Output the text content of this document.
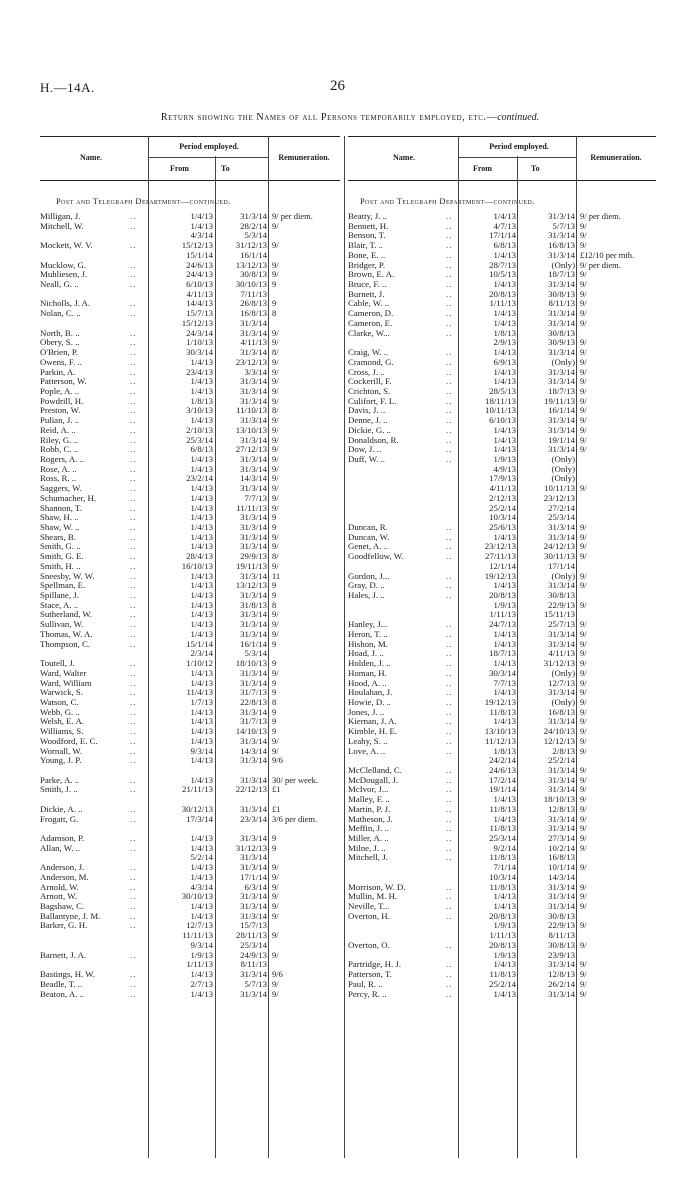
H.—14A.	26
Return showing the Names of all Persons temporarily employed, etc.—continued.
Name.
Period employed.
From	To
Remuneration.	Name.
Period employed.
From	To
Remuneration.
Post and Telegraph Department—continued.	Post and Telegraph Department—continued.
Milligan, J.	..	1/4/13	31/3/14 9/ per diem.
Mitchell, W.	..	1/4/13	28/2/14 9/
4/3/14	5/3/14
Mockett, W. V.	..	15/12/13	31/12/13 9/
15/1/14	16/1/14
Mucklow, G.	..	24/6/13	13/12/13 9/
Muhliesen, J.	..	24/4/13	30/8/13 9/
Neall, G. ..	..	6/10/13	30/10/13 9
4/11/13	7/11/13
Nicholls, J. A.	..	14/4/13	26/8/13 9
Nolan, C. ..	..	15/7/13	16/8/13 8
15/12/13	31/3/14
North, B. ..	..	24/3/14	31/3/14 9/
Obery, S. ..	..	1/10/13	4/11/13 9/
O'Brien, P.	..	30/3/14	31/3/14 8/
Owens, F. ..	..	1/4/13	23/12/13 9/
Parkin, A.	..	23/4/13	3/3/14 9/
Patterson, W.	..	1/4/13	31/3/14 9/
Pople, A. ..	..	1/4/13	31/3/14 9/
Powdrill, H.	..	1/8/13	31/3/14 9/
Preston, W.	..	3/10/13	11/10/13 8/
Pulian, J. ..	..	1/4/13	31/3/14 9/
Reid, A. ..	..	2/10/13	13/10/13 9/
Riley, G. ..	..	25/3/14	31/3/14 9/
Robb, C. ..	..	6/8/13	27/12/13 9/
Rogers, A. ..	..	1/4/13	31/3/14 9/
Rose, A. ..	..	1/4/13	31/3/14 9/
Ross, R. ..	..	23/2/14	14/3/14 9/
Saggers, W.	..	1/4/13	31/3/14 9/
Schumacher, H.	..	1/4/13	7/7/13 9/
Shannon, T.	..	1/4/13	11/11/13 9/
Shaw, H. ..	..	1/4/13	31/3/14 9
Shaw, W. ..	..	1/4/13	31/3/14 9
Shears, B.	..	1/4/13	31/3/14 9/
Smith, G. ..	..	1/4/13	31/3/14 9/
Smith, G. E.	..	28/4/13	29/9/13 8/
Smith, H. ..	..	16/10/13	19/11/13 9/
Sneesby, W. W.	..	1/4/13	31/3/14 11
Spellman, E.	..	1/4/13	13/12/13 9
Spillane, J.	..	1/4/13	31/3/14 9
Stace, A. ..	..	1/4/13	31/8/13 8
Sutherland, W.	..	1/4/13	31/3/14 9/
Sullivan, W.	..	1/4/13	31/3/14 9/
Thomas, W. A.	..	1/4/13	31/3/14 9/
Thompson, C.	..	15/1/14	16/1/14 9
2/3/14	5/3/14
Toutell, J.	..	1/10/12	18/10/13 9
Ward, Walter	..	1/4/13	31/3/14 9/
Ward, William	..	1/4/13	31/3/14 9
Warwick, S.	..	11/4/13	31/7/13 9
Watson, C.	..	1/7/13	22/8/13 8
Webb, G. ..	..	1/4/13	31/3/14 9
Welsh, E. A.	..	1/4/13	31/7/13 9
Williams, S.	..	1/4/13	14/10/13 9
Woodford, E. C.	..	1/4/13	31/3/14 9/
Wornall, W.	..	9/3/14	14/3/14 9/
Young, J. P.	..	1/4/13	31/3/14 9/6
Parke, A. ..	..	1/4/13	31/3/14 30/ per week.
Smith, J. ..	..	21/11/13	22/12/13 £1
Dickie, A. ..	..	30/12/13	31/3/14 £1
Frogatt, G.	..	17/3/14	23/3/14 3/6 per diem.
Adamson, P.	..	1/4/13	31/3/14 9
Allan, W. ..	..	1/4/13	31/12/13 9
5/2/14	31/3/14
Anderson, J.	..	1/4/13	31/3/14 9/
Anderson, M.	..	1/4/13	17/1/14 9/
Arnold, W.	..	4/3/14	6/3/14 9/
Arnott, W.	..	30/10/13	31/3/14 9/
Bagshaw, C.	..	1/4/13	31/3/14 9/
Ballantyne, J. M.	..	1/4/13	31/3/14 9/
Barker, G. H.	..	12/7/13	15/7/13
11/11/13	28/11/13 9/
9/3/14	25/3/14
Barnett, J. A.	..	1/9/13	24/9/13 9/
1/11/13	8/11/13
Bastings, H. W.	..	1/4/13	31/3/14 9/6
Beadle, T. ..	..	2/7/13	5/7/13 9/
Beaton, A. ..	..	1/4/13	31/3/14 9/
Beatty, J. ..	..	1/4/13	31/3/14 9/ per diem.
Bennett, H.	..	4/7/13	5/7/13 9/
Benson, T.	..	17/1/14	31/3/14 9/
Blair, T. ..	..	6/8/13	16/8/13 9/
Bone, E. ..	..	1/4/13	31/3/14 £12/10 per mth.
Bridger, P.	..	28/7/13	(Only) 9/ per diem.
Brown, E. A.	..	10/5/13	18/7/13 9/
Bruce, F. ..	..	1/4/13	31/3/14 9/
Burnett, J.	..	20/8/13	30/8/13 9/
Cable, W. ..	..	1/11/13	8/11/13 9/
Cameron, D.	..	1/4/13	31/3/14 9/
Cameron, E.	..	1/4/13	31/3/14 9/
Clarke, W...	..	1/8/13	30/8/13
2/9/13	30/9/13 9/
Craig, W. ..	..	1/4/13	31/3/14 9/
Cramond, G.	..	6/9/13	(Only) 9/
Cross, J. ..	..	1/4/13	31/3/14 9/
Cockerill, F.	..	1/4/13	31/3/14 9/
Crichton, S.	..	28/5/13	18/7/13 9/
Culifort, F. L.	..	18/11/13	19/11/13 9/
Davis, J. ..	..	10/11/13	16/1/14 9/
Denne, J. ..	..	6/10/13	31/3/14 9/
Dickie, G. ..	..	1/4/13	31/3/14 9/
Donaldson, R.	..	1/4/13	19/1/14 9/
Dow, J. ..	..	1/4/13	31/3/14 9/
Duff, W. ..	..	1/9/13	(Only)
4/9/13	(Only)
17/9/13	(Only)
4/11/13	10/11/13 9/
2/12/13	23/12/13
25/2/14	27/2/14
10/3/14	25/3/14
Duncan, R.	..	25/6/13	31/3/14 9/
Duncan, W.	..	1/4/13	31/3/14 9/
Genet, A. ..	..	23/12/13	24/12/13 9/
Goodfellow, W.	..	27/11/13	30/11/13 9/
12/1/14	17/1/14
Gordon, J...	..	19/12/13	(Only) 9/
Gray, D. ..	..	1/4/13	31/3/14 9/
Hales, J. ..	..	20/8/13	30/8/13
1/9/13	22/9/13 9/
1/11/13	15/11/13
Hanley, J...	..	24/7/13	25/7/13 9/
Heron, T. ..	..	1/4/13	31/3/14 9/
Hishon, M.	..	1/4/13	31/3/14 9/
Hoad, J. ..	..	18/7/13	4/11/13 9/
Holden, J. ..	..	1/4/13	31/12/13 9/
Homan, H.	..	30/3/14	(Only) 9/
Hood, A. ..	..	7/7/13	12/7/13 9/
Houlahan, J.	..	1/4/13	31/3/14 9/
Howie, D. ..	..	19/12/13	(Only) 9/
Jones, J. ..	..	11/8/13	16/8/13 9/
Kiernan, J. A.	..	1/4/13	31/3/14 9/
Kimble, H. E.	..	13/10/13	24/10/13 9/
Leahy, S. ..	..	11/12/13	12/12/13 9/
Love, A. ..	..	1/8/13	2/8/13 9/
24/2/14	25/2/14
McClelland, C.	..	24/6/13	31/3/14 9/
McDougall, J.	..	17/2/14	31/3/14 9/
McIvor, J...	..	19/1/14	31/3/14 9/
Malley, F. ..	..	1/4/13	18/10/13 9/
Martin, P. J.	..	11/8/13	12/8/13 9/
Matheson, J.	..	1/4/13	31/3/14 9/
Meffin, J. ..	..	11/8/13	31/3/14 9/
Miller, A. ..	..	25/3/14	27/3/14 9/
Milne, J. ..	..	9/2/14	10/2/14 9/
Mitchell, J.	..	11/8/13	16/8/13
7/1/14	10/1/14 9/
10/3/14	14/3/14
Morrison, W. D.	..	11/8/13	31/3/14 9/
Mullin, M. H.	..	1/4/13	31/3/14 9/
Neville, T...	..	1/4/13	31/3/14 9/
Overton, H.	..	20/8/13	30/8/13
1/9/13	22/9/13 9/
1/11/13	8/11/13
Overton, O.	..	20/8/13	30/8/13 9/
1/9/13	23/9/13
Partridge, H. J.	..	1/4/13	31/3/14 9/
Patterson, T.	..	11/8/13	12/8/13 9/
Paul, R. ..	..	25/2/14	26/2/14 9/
Percy, R. ..	..	1/4/13	31/3/14 9/
